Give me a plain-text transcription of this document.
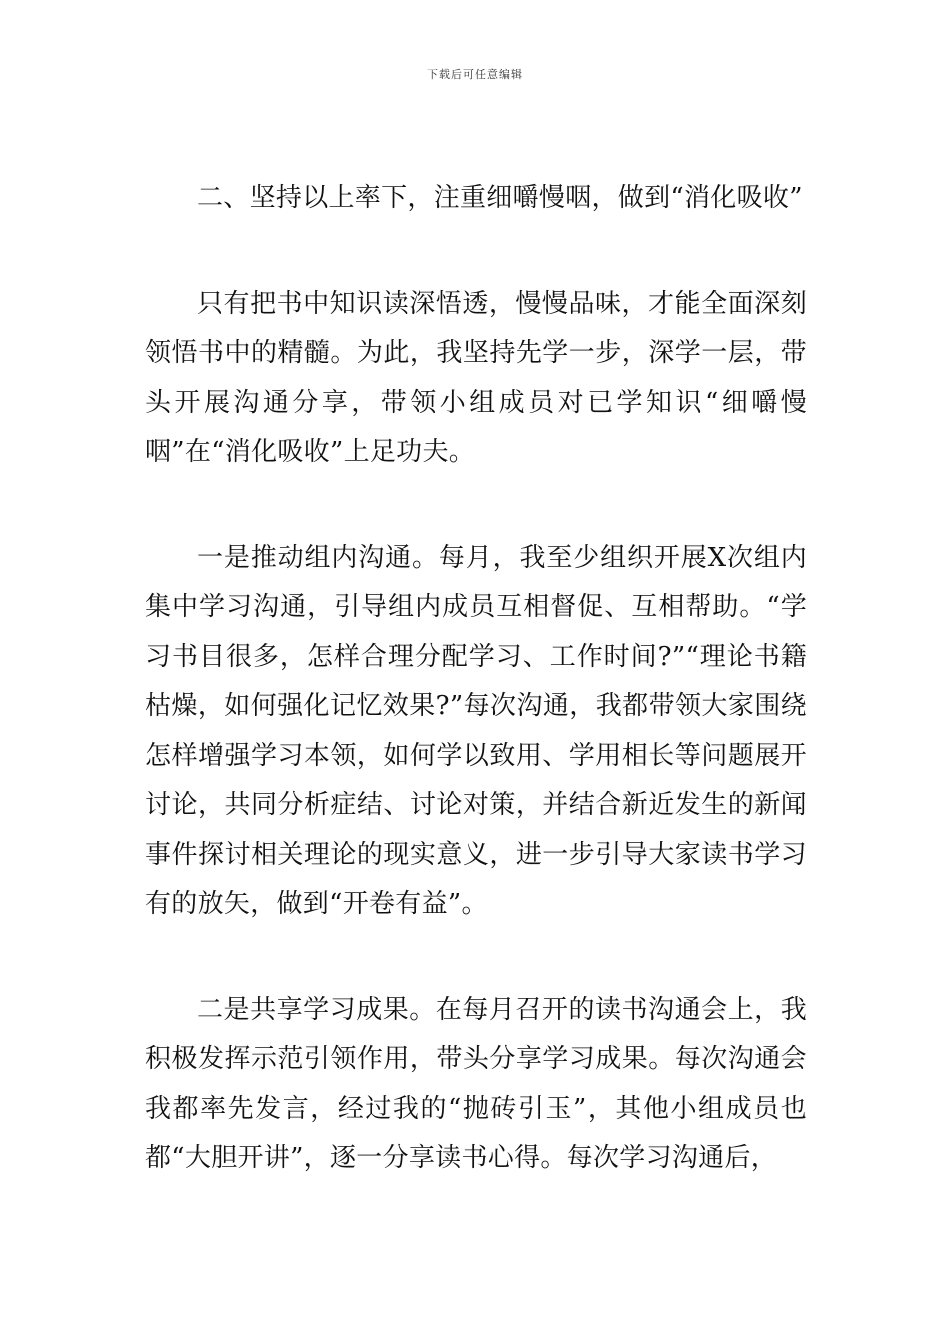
下载后可任意编辑

二、坚持以上率下，注重细嚼慢咽，做到“消化吸收”

只有把书中知识读深悟透，慢慢品味，才能全面深刻领悟书中的精髓。为此，我坚持先学一步，深学一层，带头开展沟通分享，带领小组成员对已学知识“细嚼慢咽”在“消化吸收”上足功夫。

一是推动组内沟通。每月，我至少组织开展X次组内集中学习沟通，引导组内成员互相督促、互相帮助。“学习书目很多，怎样合理分配学习、工作时间?”“理论书籍枯燥，如何强化记忆效果?”每次沟通，我都带领大家围绕怎样增强学习本领，如何学以致用、学用相长等问题展开讨论，共同分析症结、讨论对策，并结合新近发生的新闻事件探讨相关理论的现实意义，进一步引导大家读书学习有的放矢，做到“开卷有益”。

二是共享学习成果。在每月召开的读书沟通会上，我积极发挥示范引领作用，带头分享学习成果。每次沟通会我都率先发言，经过我的“抛砖引玉”，其他小组成员也都“大胆开讲”，逐一分享读书心得。每次学习沟通后，
